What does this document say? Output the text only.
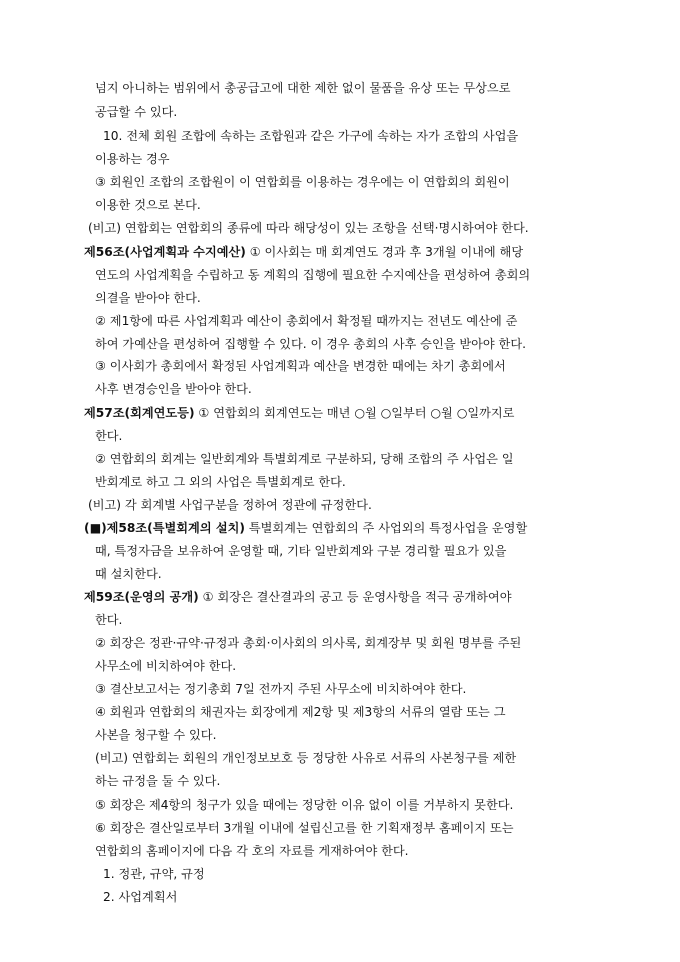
넘지 아니하는 범위에서 총공급고에 대한 제한 없이 물품을 유상 또는 무상으로
공급할 수 있다.
10. 전체 회원 조합에 속하는 조합원과 같은 가구에 속하는 자가 조합의 사업을
이용하는 경우
③ 회원인 조합의 조합원이 이 연합회를 이용하는 경우에는 이 연합회의 회원이
이용한 것으로 본다.
(비고) 연합회는 연합회의 종류에 따라 해당성이 있는 조항을 선택·명시하여야 한다.
제56조(사업계획과 수지예산) ① 이사회는 매 회계연도 경과 후 3개월 이내에 해당
연도의 사업계획을 수립하고 동 계획의 집행에 필요한 수지예산을 편성하여 총회의
의결을 받아야 한다.
② 제1항에 따른 사업계획과 예산이 총회에서 확정될 때까지는 전년도 예산에 준
하여 가예산을 편성하여 집행할 수 있다. 이 경우 총회의 사후 승인을 받아야 한다.
③ 이사회가 총회에서 확정된 사업계획과 예산을 변경한 때에는 차기 총회에서
사후 변경승인을 받아야 한다.
제57조(회계연도등) ① 연합회의 회계연도는 매년 ○월 ○일부터 ○월 ○일까지로
한다.
② 연합회의 회계는 일반회계와 특별회계로 구분하되, 당해 조합의 주 사업은 일
반회계로 하고 그 외의 사업은 특별회계로 한다.
(비고) 각 회계별 사업구분을 정하여 정관에 규정한다.
(■)제58조(특별회계의 설치) 특별회계는 연합회의 주 사업외의 특정사업을 운영할
때, 특정자금을 보유하여 운영할 때, 기타 일반회계와 구분 경리할 필요가 있을
때 설치한다.
제59조(운영의 공개) ① 회장은 결산결과의 공고 등 운영사항을 적극 공개하여야
한다.
② 회장은 정관·규약·규정과 총회·이사회의 의사록, 회계장부 및 회원 명부를 주된
사무소에 비치하여야 한다.
③ 결산보고서는 정기총회 7일 전까지 주된 사무소에 비치하여야 한다.
④ 회원과 연합회의 채권자는 회장에게 제2항 및 제3항의 서류의 열람 또는 그
사본을 청구할 수 있다.
(비고) 연합회는 회원의 개인정보보호 등 정당한 사유로 서류의 사본청구를 제한
하는 규정을 둘 수 있다.
⑤ 회장은 제4항의 청구가 있을 때에는 정당한 이유 없이 이를 거부하지 못한다.
⑥ 회장은 결산일로부터 3개월 이내에 설립신고를 한 기획재정부 홈페이지 또는
연합회의 홈페이지에 다음 각 호의 자료를 게재하여야 한다.
1. 정관, 규약, 규정
2. 사업계획서
